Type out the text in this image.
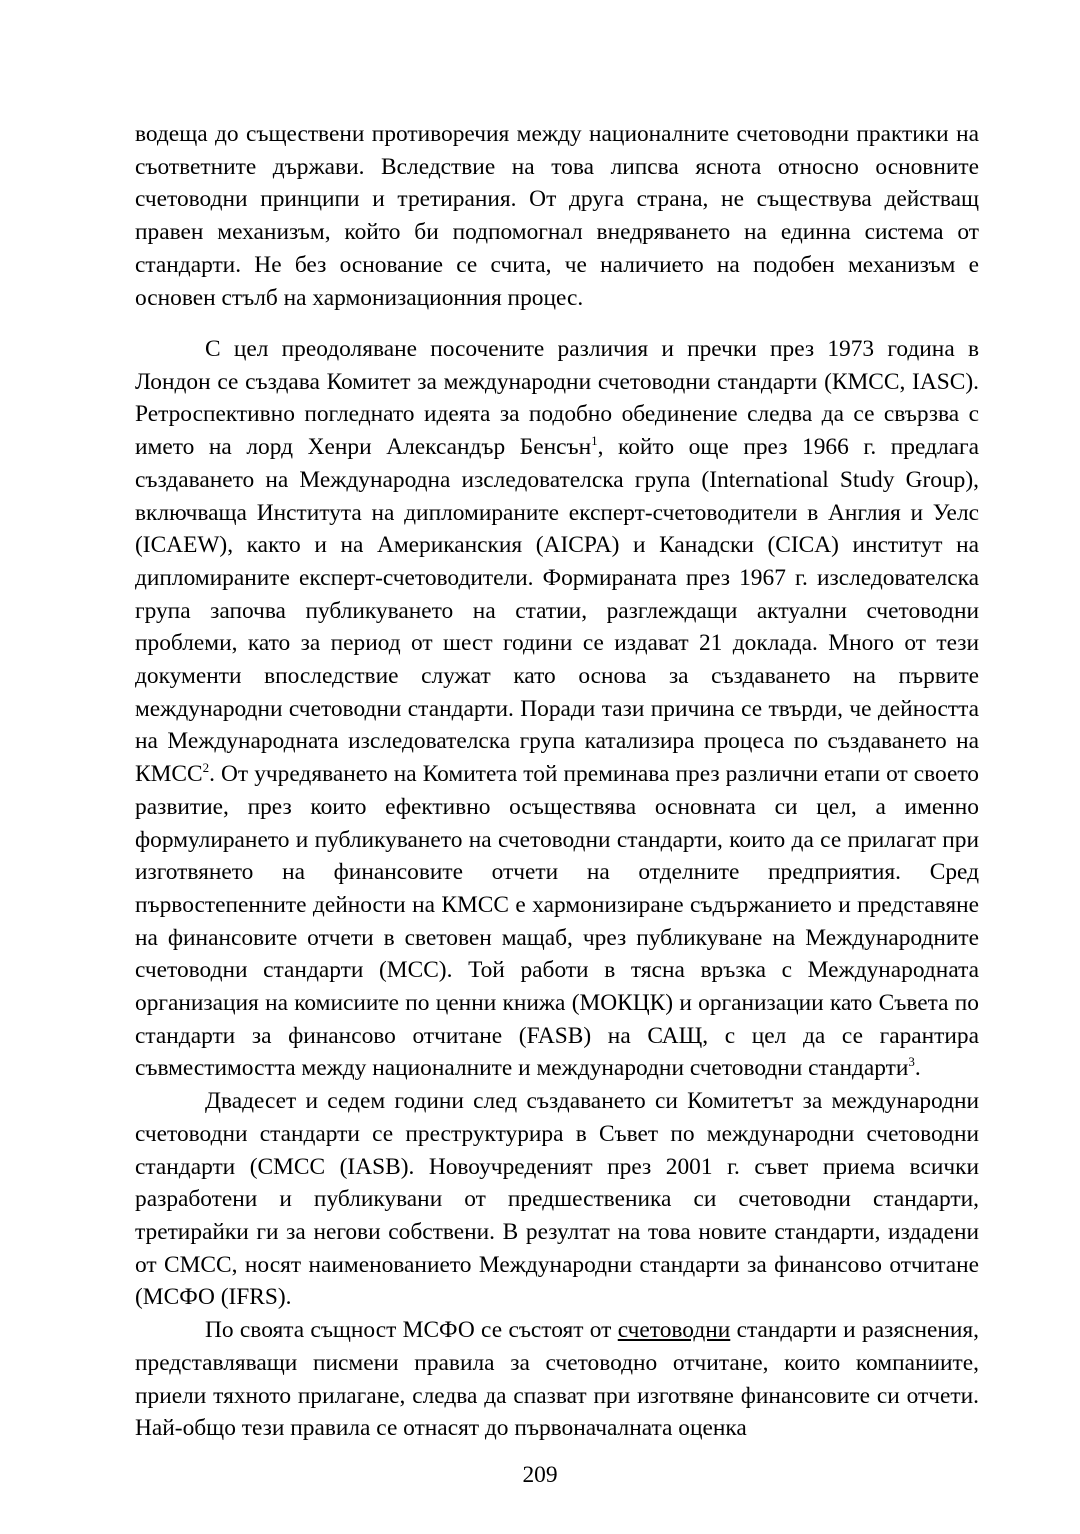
водеща до съществени противоречия между националните счетоводни практики на съответните държави. Вследствие на това липсва яснота относно основните счетоводни принципи и третирания. От друга страна, не съществува действащ правен механизъм, който би подпомогнал внедряването на единна система от стандарти. Не без основание се счита, че наличието на подобен механизъм е основен стълб на хармонизационния процес.

С цел преодоляване посочените различия и пречки през 1973 година в Лондон се създава Комитет за международни счетоводни стандарти (КМСС, IASC). Ретроспективно погледнато идеята за подобно обединение следва да се свързва с името на лорд Хенри Александър Бенсън$^1$, който още през 1966 г. предлага създаването на Международна изследователска група (International Study Group), включваща Института на дипломираните експерт-счетоводители в Англия и Уелс (ICAEW), както и на Американския (AICPA) и Канадски (CICA) институт на дипломираните експерт-счетоводители. Формираната през 1967 г. изследователска група започва публикуването на статии, разглеждащи актуални счетоводни проблеми, като за период от шест години се издават 21 доклада. Много от тези документи впоследствие служат като основа за създаването на първите международни счетоводни стандарти. Поради тази причина се твърди, че дейността на Международната изследователска група катализира процеса по създаването на КМСС$^2$. От учредяването на Комитета той преминава през различни етапи от своето развитие, през които ефективно осъществява основната си цел, а именно формулирането и публикуването на счетоводни стандарти, които да се прилагат при изготвянето на финансовите отчети на отделните предприятия. Сред първостепенните дейности на КМСС е хармонизиране съдържанието и представяне на финансовите отчети в световен мащаб, чрез публикуване на Международните счетоводни стандарти (МСС). Той работи в тясна връзка с Международната организация на комисиите по ценни книжа (МОКЦК) и организации като Съвета по стандарти за финансово отчитане (FASB) на САЩ, с цел да се гарантира съвместимостта между националните и международни счетоводни стандарти$^3$.

Двадесет и седем години след създаването си Комитетът за международни счетоводни стандарти се преструктурира в Съвет по международни счетоводни стандарти (СМСС (IASB). Новоучреденият през 2001 г. съвет приема всички разработени и публикувани от предшественика си счетоводни стандарти, третирайки ги за негови собствени. В резултат на това новите стандарти, издадени от СМСС, носят наименованието Международни стандарти за финансово отчитане (МСФО (IFRS).

По своята същност МСФО се състоят от счетоводни стандарти и разяснения, представляващи писмени правила за счетоводно отчитане, които компаниите, приели тяхното прилагане, следва да спазват при изготвяне финансовите си отчети. Най-общо тези правила се отнасят до първоначалната оценка

209
